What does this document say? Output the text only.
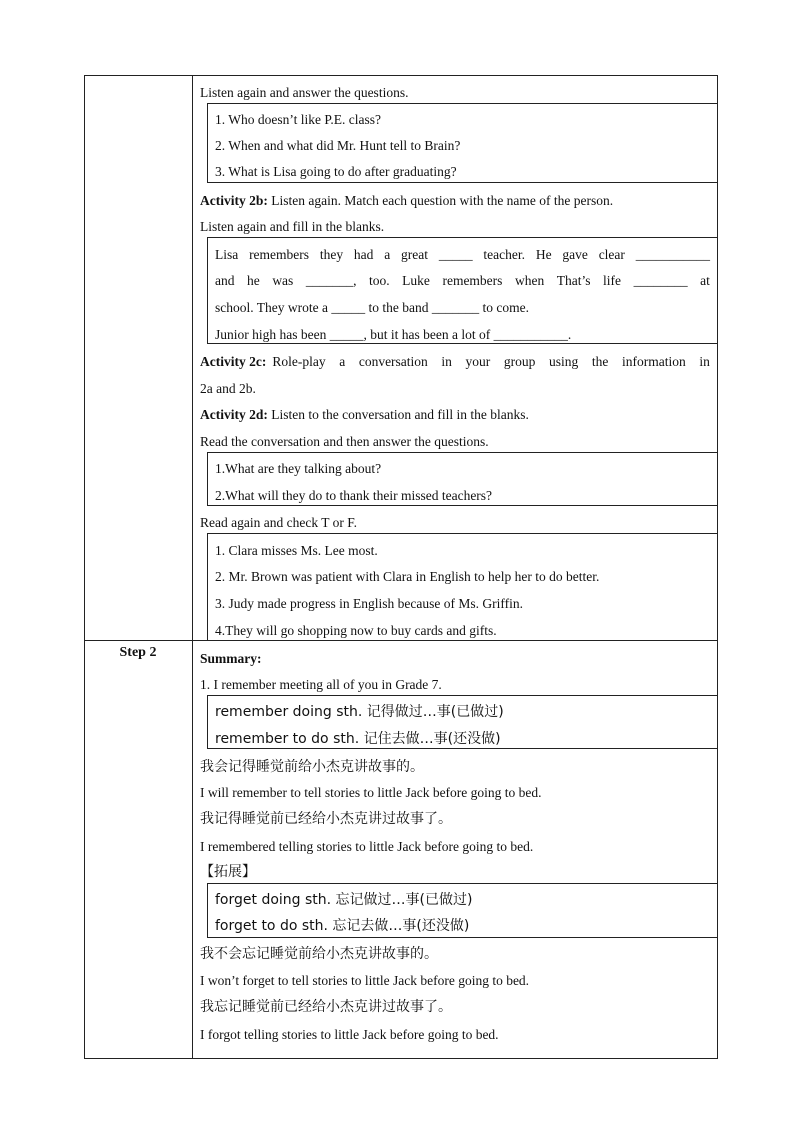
Step 2
Listen again and answer the questions.
1. Who doesn’t like P.E. class?
2. When and what did Mr. Hunt tell to Brain?
3. What is Lisa going to do after graduating?
Activity 2b: Listen again. Match each question with the name of the person.
Listen again and fill in the blanks.
Lisa remembers they had a great _____ teacher. He gave clear ___________
and he was _______, too. Luke remembers when That’s life ________ at
school. They wrote a _____ to the band _______ to come.
Junior high has been _____, but it has been a lot of ___________.
Activity 2c: Role-play a conversation in your group using the information in
2a and 2b.
Activity 2d: Listen to the conversation and fill in the blanks.
Read the conversation and then answer the questions.
1.What are they talking about?
2.What will they do to thank their missed teachers?
Read again and check T or F.
1. Clara misses Ms. Lee most.
2. Mr. Brown was patient with Clara in English to help her to do better.
3. Judy made progress in English because of Ms. Griffin.
4.They will go shopping now to buy cards and gifts.
Summary:
1. I remember meeting all of you in Grade 7.
remember doing sth. 记得做过…事(已做过)
remember to do sth. 记住去做…事(还没做)
我会记得睡觉前给小杰克讲故事的。
I will remember to tell stories to little Jack before going to bed.
我记得睡觉前已经给小杰克讲过故事了。
I remembered telling stories to little Jack before going to bed.
【拓展】
forget doing sth. 忘记做过…事(已做过)
forget to do sth. 忘记去做…事(还没做)
我不会忘记睡觉前给小杰克讲故事的。
I won’t forget to tell stories to little Jack before going to bed.
我忘记睡觉前已经给小杰克讲过故事了。
I forgot telling stories to little Jack before going to bed.
